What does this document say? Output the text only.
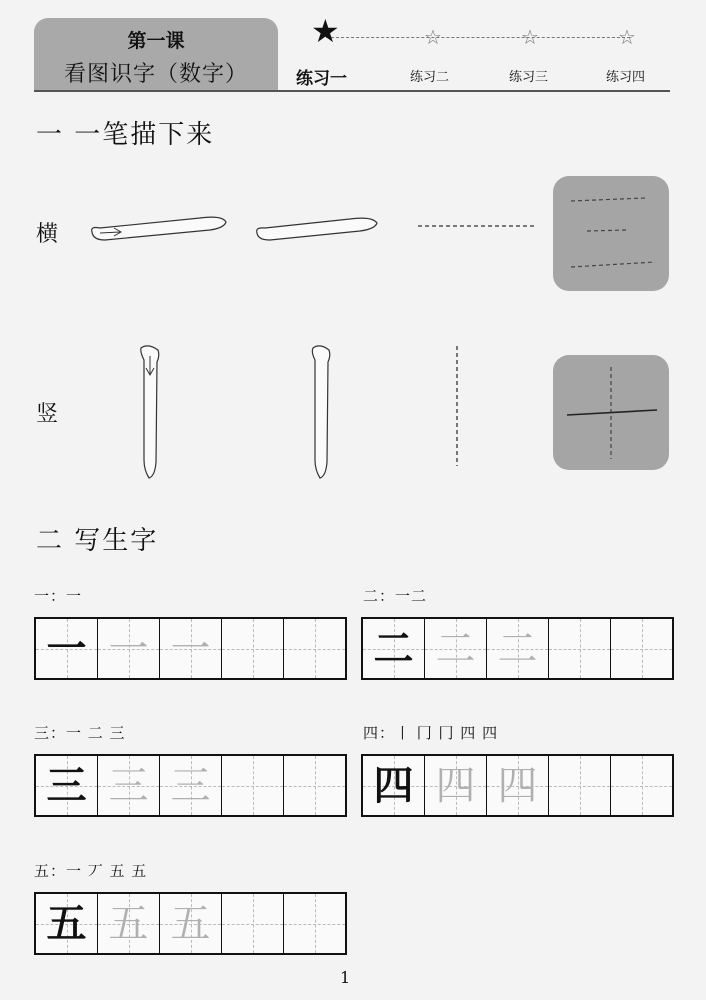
第一课
看图识字（数字）
★	☆	☆	☆
练习一	练习二	练习三	练习四
一 一笔描下来
横
竖
二 写生字
一：一
一 一 一
二：一二
二 二 二
三：一 二 三
三 三 三
四：丨 冂 冂 四 四
四 四 四
五：一 丆 五 五
五 五 五
1
